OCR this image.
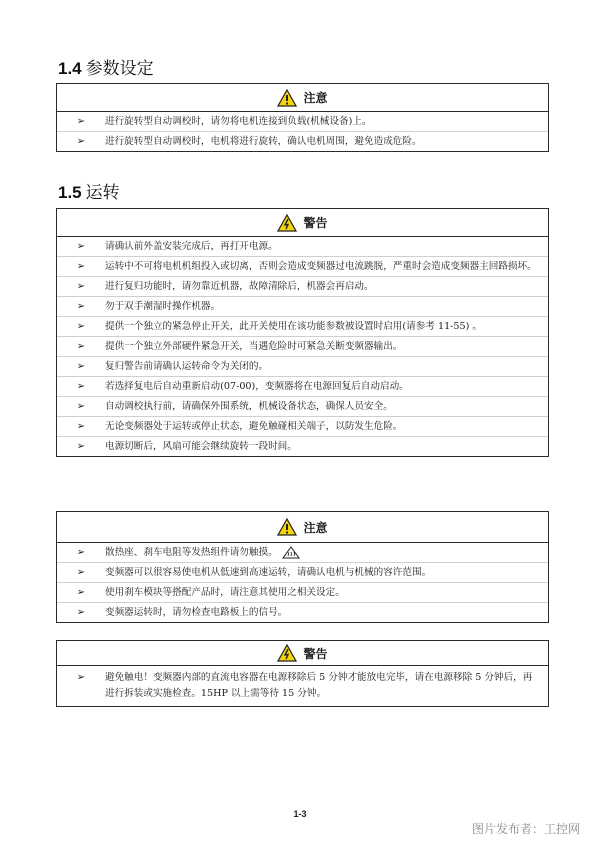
1.4 参数设定
注意
➢	进行旋转型自动调校时，请勿将电机连接到负载(机械设备)上。
➢	进行旋转型自动调校时，电机将进行旋转，确认电机周围，避免造成危险。
1.5 运转
警告
➢	请确认前外盖安装完成后，再打开电源。
➢	运转中不可将电机机组投入或切离，否则会造成变频器过电流跳脱，严重时会造成变频器主回路损坏。
➢	进行复归功能时，请勿靠近机器，故障清除后，机器会再启动。
➢	勿于双手潮湿时操作机器。
➢	提供一个独立的紧急停止开关，此开关使用在该功能参数被设置时启用(请参考 11-55) 。
➢	提供一个独立外部硬件紧急开关，当遇危险时可紧急关断变频器输出。
➢	复归警告前请确认运转命令为关闭的。
➢	若选择复电后自动重新启动(07-00)，变频器将在电源回复后自动启动。
➢	自动调校执行前，请确保外围系统，机械设备状态，确保人员安全。
➢	无论变频器处于运转或停止状态，避免触碰相关端子，以防发生危险。
➢	电源切断后，风扇可能会继续旋转一段时间。
注意
➢	散热座、刹车电阻等发热组件请勿触摸。
➢	变频器可以很容易使电机从低速到高速运转，请确认电机与机械的容许范围。
➢	使用刹车模块等搭配产品时，请注意其使用之相关设定。
➢	变频器运转时，请勿检查电路板上的信号。
警告
➢	避免触电！变频器内部的直流电容器在电源移除后 5 分钟才能放电完毕，请在电源移除 5 分钟后，再进行拆装或实施检查。15HP 以上需等待 15 分钟。
1-3
图片发布者：工控网
